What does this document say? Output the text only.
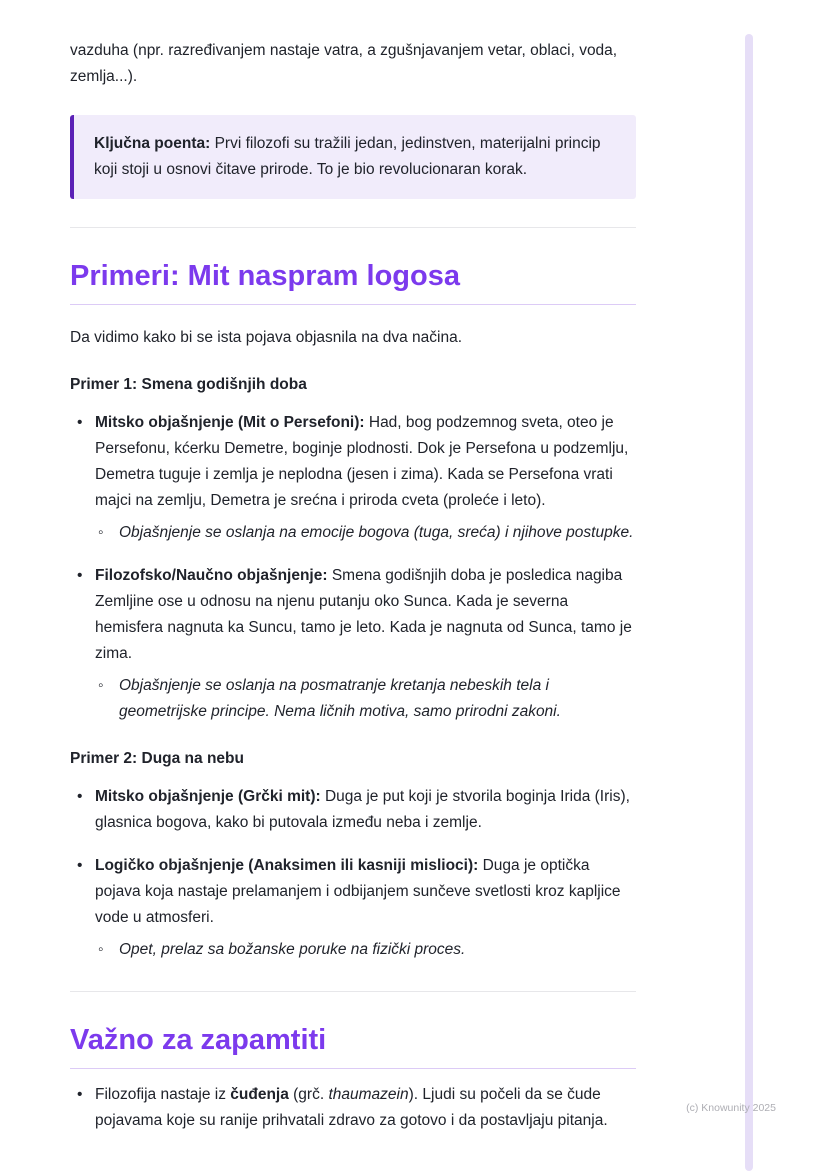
vazduha (npr. razređivanjem nastaje vatra, a zgušnjavanjem vetar, oblaci, voda, zemlja...).

Ključna poenta: Prvi filozofi su tražili jedan, jedinstven, materijalni princip koji stoji u osnovi čitave prirode. To je bio revolucionaran korak.

Primeri: Mit naspram logosa

Da vidimo kako bi se ista pojava objasnila na dva načina.

Primer 1: Smena godišnjih doba

• Mitsko objašnjenje (Mit o Persefoni): Had, bog podzemnog sveta, oteo je Persefonu, kćerku Demetre, boginje plodnosti. Dok je Persefona u podzemlju, Demetra tuguje i zemlja je neplodna (jesen i zima). Kada se Persefona vrati majci na zemlju, Demetra je srećna i priroda cveta (proleće i leto).
◦ Objašnjenje se oslanja na emocije bogova (tuga, sreća) i njihove postupke.
• Filozofsko/Naučno objašnjenje: Smena godišnjih doba je posledica nagiba Zemljine ose u odnosu na njenu putanju oko Sunca. Kada je severna hemisfera nagnuta ka Suncu, tamo je leto. Kada je nagnuta od Sunca, tamo je zima.
◦ Objašnjenje se oslanja na posmatranje kretanja nebeskih tela i geometrijske principe. Nema ličnih motiva, samo prirodni zakoni.

Primer 2: Duga na nebu

• Mitsko objašnjenje (Grčki mit): Duga je put koji je stvorila boginja Irida (Iris), glasnica bogova, kako bi putovala između neba i zemlje.
• Logičko objašnjenje (Anaksimen ili kasniji mislioci): Duga je optička pojava koja nastaje prelamanjem i odbijanjem sunčeve svetlosti kroz kapljice vode u atmosferi.
◦ Opet, prelaz sa božanske poruke na fizički proces.
Važno za zapamtiti
• Filozofija nastaje iz čuđenja (grč. thaumazein). Ljudi su počeli da se čude pojavama koje su ranije prihvatali zdravo za gotovo i da postavljaju pitanja.
(c) Knowunity 2025
